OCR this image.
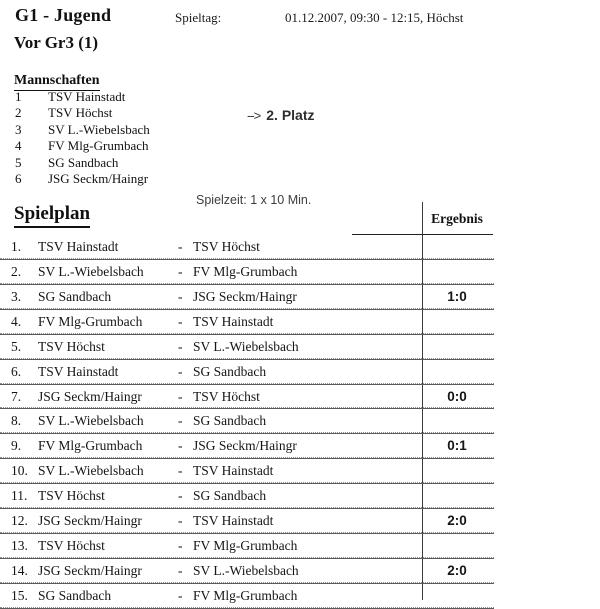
G1 - Jugend	Spieltag:	01.12.2007, 09:30 - 12:15, Höchst
Vor Gr3 (1)
Mannschaften
1 TSV Hainstadt
2 TSV Höchst
3 SV L.-Wiebelsbach
4 FV Mlg-Grumbach
5 SG Sandbach
6 JSG Seckm/Haingr
--> 2. Platz
Spielzeit: 1 x 10 Min.
Spielplan	Ergebnis
1. TSV Hainstadt	- TSV Höchst
2. SV L.-Wiebelsbach	- FV Mlg-Grumbach
3. SG Sandbach	- JSG Seckm/Haingr	1:0
4. FV Mlg-Grumbach	- TSV Hainstadt
5. TSV Höchst	- SV L.-Wiebelsbach
6. TSV Hainstadt	- SG Sandbach
7. JSG Seckm/Haingr	- TSV Höchst	0:0
8. SV L.-Wiebelsbach	- SG Sandbach
9. FV Mlg-Grumbach	- JSG Seckm/Haingr	0:1
10. SV L.-Wiebelsbach	- TSV Hainstadt
11. TSV Höchst	- SG Sandbach
12. JSG Seckm/Haingr	- TSV Hainstadt	2:0
13. TSV Höchst	- FV Mlg-Grumbach
14. JSG Seckm/Haingr	- SV L.-Wiebelsbach	2:0
15. SG Sandbach	- FV Mlg-Grumbach
